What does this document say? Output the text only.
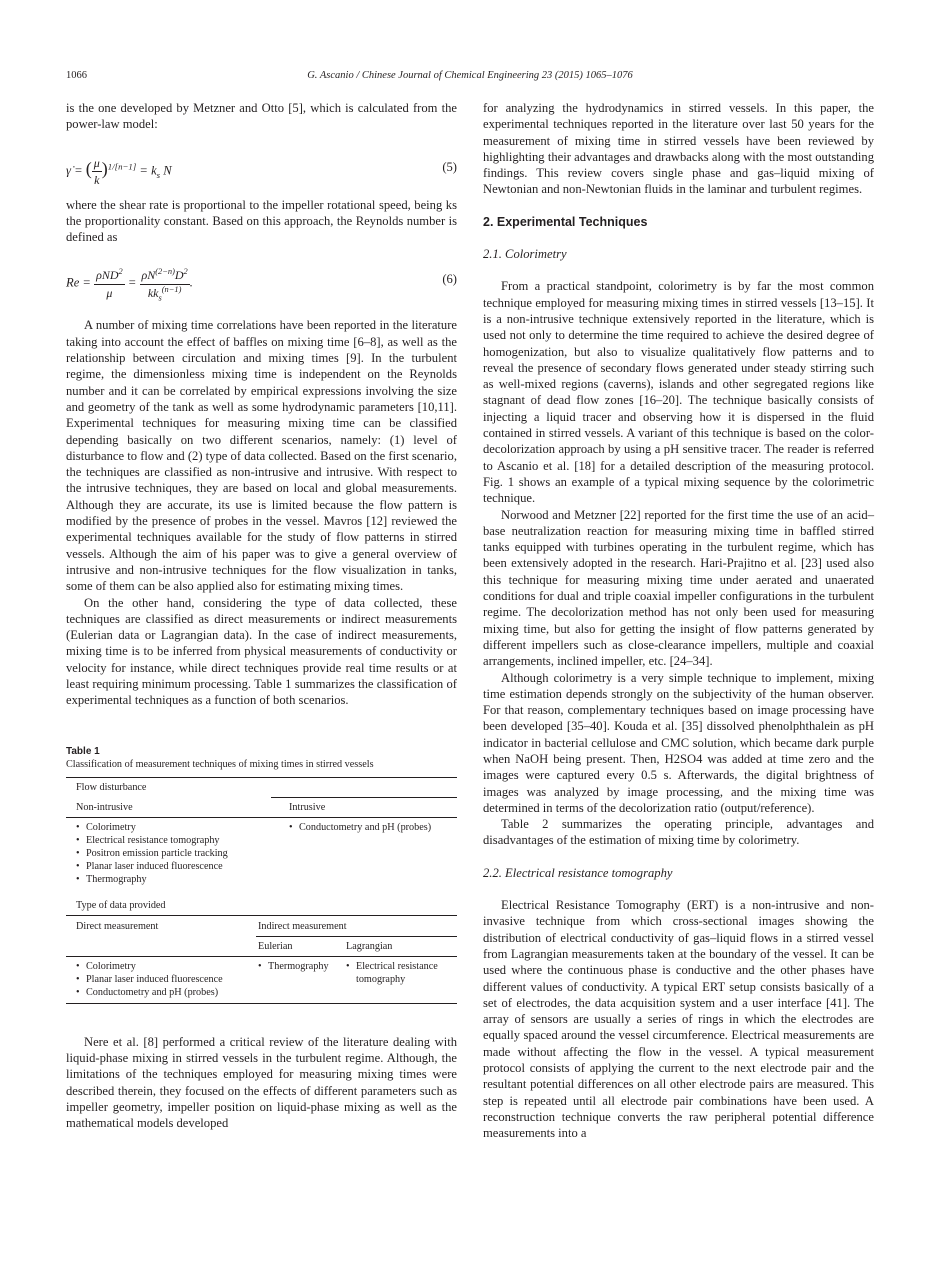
1066	G. Ascanio / Chinese Journal of Chemical Engineering 23 (2015) 1065–1076

is the one developed by Metzner and Otto [5], which is calculated from the power-law model:

γ̇ = ( $\frac{\mu}{k} )^{1/[n-1]} = k_s$ N	(5)

where the shear rate is proportional to the impeller rotational speed, being ks the proportionality constant. Based on this approach, the Reynolds number is defined as

$Re = \frac{\rho ND^2}{\mu} = \frac{\rho N^{(2-n)}D^2}{kk_s^{(n-1)}}$ .	(6)

A number of mixing time correlations have been reported in the literature taking into account the effect of baffles on mixing time [6–8], as well as the relationship between circulation and mixing times [9]. In the turbulent regime, the dimensionless mixing time is independent on the Reynolds number and it can be correlated by empirical expressions involving the size and geometry of the tank as well as some hydrodynamic parameters [10,11]. Experimental techniques for measuring mixing time can be classified depending basically on two different scenarios, namely: (1) level of disturbance to flow and (2) type of data collected. Based on the first scenario, the techniques are classified as non-intrusive and intrusive. With respect to the intrusive techniques, they are based on local and global measurements. Although they are accurate, its use is limited because the flow pattern is modified by the presence of probes in the vessel. Mavros [12] reviewed the experimental techniques available for the study of flow patterns in stirred vessels. Although the aim of his paper was to give a general overview of intrusive and non-intrusive techniques for the flow visualization in tanks, some of them can be also applied also for estimating mixing times.

On the other hand, considering the type of data collected, these techniques are classified as direct measurements or indirect measurements (Eulerian data or Lagrangian data). In the case of indirect measurements, mixing time is to be inferred from physical measurements of conductivity or velocity for instance, while direct techniques provide real time results or at least requiring minimum processing. Table 1 summarizes the classification of experimental techniques as a function of both scenarios.

Table 1
Classification of measurement techniques of mixing times in stirred vessels
Flow disturbance
Non-intrusive	Intrusive
• Colorimetry
• Electrical resistance tomography
• Positron emission particle tracking
• Planar laser induced fluorescence
• Thermography
• Conductometry and pH (probes)
Type of data provided
Direct measurement	Indirect measurement
Eulerian	Lagrangian
• Colorimetry
• Planar laser induced fluorescence
• Conductometry and pH (probes)
• Thermography
•	Electrical resistance tomography

Nere et al. [8] performed a critical review of the literature dealing with liquid-phase mixing in stirred vessels in the turbulent regime. Although, the limitations of the techniques employed for measuring mixing times were described therein, they focused on the effects of different parameters such as impeller geometry, impeller position on liquid-phase mixing as well as the mathematical models developed

for analyzing the hydrodynamics in stirred vessels. In this paper, the experimental techniques reported in the literature over last 50 years for the measurement of mixing time in stirred vessels have been reviewed by highlighting their advantages and drawbacks along with the most outstanding findings. This review covers single phase and gas–liquid mixing of Newtonian and non-Newtonian fluids in the laminar and turbulent regimes.

2. Experimental Techniques
2.1. Colorimetry

From a practical standpoint, colorimetry is by far the most common technique employed for measuring mixing times in stirred vessels [13–15]. It is a non-intrusive technique extensively reported in the literature, which is used not only to determine the time required to achieve the desired degree of homogenization, but also to visualize qualitatively flow patterns and to reveal the presence of secondary flows generated under steady stirring such as well-mixed regions (caverns), islands and other segregated regions like stagnant of dead flow zones [16–20]. The technique basically consists of injecting a liquid tracer and observing how it is dispersed in the fluid contained in stirred vessels. A variant of this technique is based on the color-decolorization approach by using a pH sensitive tracer. The reader is referred to Ascanio et al. [18] for a detailed description of the measuring protocol. Fig. 1 shows an example of a typical mixing sequence by the colorimetric technique.

Norwood and Metzner [22] reported for the first time the use of an acid–base neutralization reaction for measuring mixing time in baffled stirred tanks equipped with turbines operating in the turbulent regime, which has been extensively adopted in the research. Hari-Prajitno et al. [23] used also this technique for measuring mixing time under aerated and unaerated conditions for dual and triple coaxial impeller configurations in the turbulent regime. The decolorization method has not only been used for measuring mixing time, but also for getting the insight of flow patterns generated by different impellers such as close-clearance impellers, multiple and coaxial arrangements, inclined impeller, etc. [24–34].

Although colorimetry is a very simple technique to implement, mixing time estimation depends strongly on the subjectivity of the human observer. For that reason, complementary techniques based on image processing have been developed [35–40]. Kouda et al. [35] dissolved phenolphthalein as pH indicator in bacterial cellulose and CMC solution, which became dark purple when NaOH being present. Then, H2SO4 was added at time zero and the images were captured every 0.5 s. Afterwards, the digital brightness of images was analyzed by image processing, and the mixing time was determined in terms of the decolorization ratio (output/reference).

Table 2 summarizes the operating principle, advantages and disadvantages of the estimation of mixing time by colorimetry.

2.2. Electrical resistance tomography

Electrical Resistance Tomography (ERT) is a non-intrusive and non-invasive technique from which cross-sectional images showing the distribution of electrical conductivity of gas–liquid flows in a stirred vessel from Lagrangian measurements taken at the boundary of the vessel. It can be used where the continuous phase is conductive and the other phases have different values of conductivity. A typical ERT setup consists basically of a set of electrodes, the data acquisition system and a user interface [41]. The array of sensors are usually a series of rings in which the electrodes are equally spaced around the vessel circumference. Electrical measurements are made without affecting the flow in the vessel. A typical measurement protocol consists of applying the current to the next electrode pair and the resultant potential differences on all other electrode pairs are measured. This step is repeated until all electrode pair combinations have been used. A reconstruction technique converts the raw peripheral potential difference measurements into a
